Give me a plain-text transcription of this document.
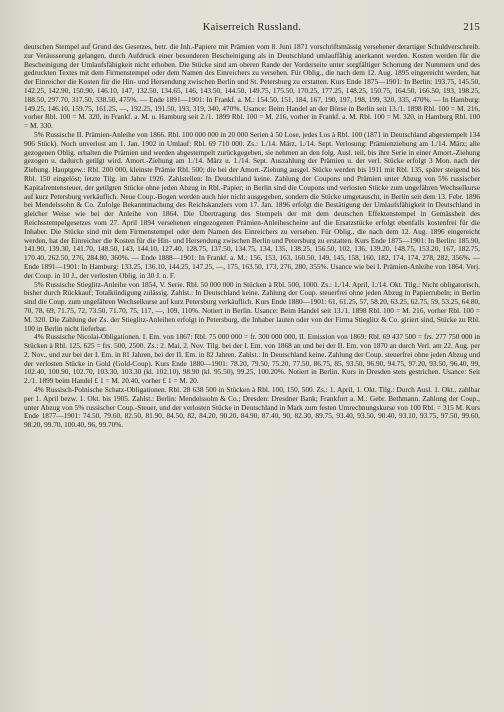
Kaiserreich Russland.	215

deutschen Stempel auf Grund des Gesetzes, betr. die Inh.-Papiere mit Prämien vom 8. Juni 1871 vorschriftsmässig versehener derartiger Schuldverschreib. zur Veräusserung gelangen, durch Aufdruck einer besonderen Bescheinigung als in Deutschland umlauffähig anerkannt werden. Kosten werden für die Bescheinigung der Umlaufsfähigkeit nicht erhoben. Die Stücke sind am oberen Rande der Vorderseite unter sorgfältiger Schonung der Nummern und des gedruckten Textes mit dem Firmenstempel oder dem Namen des Einreichers zu versehen. Für Oblig., die nach dem 12. Aug. 1895 eingereicht werden, hat der Einreicher die Kosten für die Hin- und Hersendung zwischen Berlin und St. Petersburg zu erstatten. Kurs Ende 1875—1901: In Berlin: 193.75, 145.50, 142.25, 142.90, 150.90, 146.10, 147, 132.50, 134.65, 146, 143.50, 144.50, 149.75, 175.50, 170.25, 177.25, 148.25, 150.75, 164.50, 166.50, 193, 198.25, 188.50, 297.70, 317.50, 338.50, 475%. — Ende 1891—1901: In Frankf. a. M.: 154.50, 151, 184, 167, 190, 197, 198, 199, 320, 335, 470%. — In Hamburg: 149.25, 146.10, 159.75, 161.25, —, 192.25, 191.50, 193, 319, 340, 470%. Usance: Beim Handel an der Börse in Berlin seit 13./1. 1898 Rbl. 100 = M. 216, vorher Rbl. 100 = M. 320, in Frankf. a. M. u. Hamburg seit 2./1. 1899 Rbl. 100 = M. 216, vorher in Frankf. a. M. Rbl. 100 = M. 320, in Hamburg Rbl. 100 = M. 330.

5% Russische II. Prämien-Anleihe von 1866. Rbl. 100 000 000 in 20 000 Serien à 50 Lose, jedes Los à Rbl. 100 (1871 in Deutschland abgestempelt 134 906 Stück). Noch unverlost am 1. Jan. 1902 in Umlauf: Rbl. 69 710 000. Zs.: 1./14. März, 1./14. Sept. Verlosung: Prämienziehung am 1./14. März; alle gezogenen Oblig. erhalten die Prämien und werden abgestempelt zurückgegeben, sie nehmen an den folg. Ausl. teil, bis ihre Serie in einer Amort.-Ziehung gezogen u. dadurch getilgt wird. Amort.-Ziehung am 1./14. März u. 1./14. Sept. Auszahlung der Prämien u. der verl. Stücke erfolgt 3 Mon. nach der Ziehung. Hauptgew.: Rbl. 200 000, kleinste Prämie Rbl. 500; die bei der Amort.-Ziehung ausgel. Stücke werden bis 1911 mit Rbl. 135, später steigend bis Rbl. 150 eingelöst; letzte Tilg. im Jahre 1926. Zahlstellen: In Deutschland keine. Zahlung der Coupons und Prämien unter Abzug von 5% russischer Kapitalrentensteuer, der getilgten Stücke ohne jeden Abzug in Rbl.-Papier; in Berlin sind die Coupons und verlosten Stücke zum ungefähren Wechselkurse auf kurz Petersburg verkäuflich. Neue Coup.-Bogen werden auch hier nicht ausgegeben, sondern die Stücke umgetauscht, in Berlin seit dem 13. Febr. 1896 bei Mendelssohn & Co. Zufolge Bekanntmachung des Reichskanzlers vom 17. Jan. 1896 erfolgt die Bestätigung der Umlaufsfähigkeit in Deutschland in gleicher Weise wie bei der Anleihe von 1864. Die Übertragung des Stempels der mit dem deutschen Effektenstempel in Gemässheit des Reichsstempelgesetzes vom 27. April 1894 versehenen eingezogenen Prämien-Anleihescheine auf die Ersatzstücke erfolgt ebenfalls kostenfrei für die Inhaber. Die Stücke sind mit dem Firmenstempel oder dem Namen des Einreichers zu versehen. Für Oblig., die nach dem 12. Aug. 1896 eingereicht werden, hat der Einreicher die Kosten für die Hin- und Hersendung zwischen Berlin und Petersburg zu erstatten. Kurs Ende 1875—1901: In Berlin: 185.90, 141.90, 139.30, 141.70, 148.50, 143, 144.10, 127.40, 128.75, 137.50, 134.75, 134, 135, 138.25, 156.50, 102, 136, 139.20, 148.75, 153.20, 167, 182.75, 170.40, 262.50, 276, 284.80, 360%. — Ende 1888—1901: In Frankf. a. M.: 156, 153, 163, 160.50, 149, 145, 158, 160, 182, 174, 174, 278, 282, 356%. — Ende 1891—1901: In Hamburg: 133.25, 136.10, 144.25, 147.25, —, 175, 163.50, 173, 276, 280, 355%. Usance wie bei I. Prämien-Anleihe von 1864. Verj. der Coup. in 10 J., der verlosten Oblig. in 30 J. n. F.

5% Russische Stieglitz-Anleihe von 1854, V. Serie. Rbl. 50 000 000 in Stücken à Rbl. 500, 1000. Zs.: 1./14. April, 1./14. Okt. Tilg.: Nicht obligatorisch, bisher durch Rückkauf; Totalkündigung zulässig. Zahlst.: In Deutschland keine. Zahlung der Coup. steuerfrei ohne jeden Abzug in Papierrubeln; in Berlin sind die Coup. zum ungefähren Wechselkurse auf kurz Petersburg verkäuflich. Kurs Ende 1880—1901: 61, 61.25, 57, 58.20, 63.25, 62.75, 59, 53.25, 64.80, 70, 78, 69, 71.75, 72, 73.50, 71.70, 75, 117, —, 109, 110%. Notiert in Berlin. Usance: Beim Handel seit 13./1. 1898 Rbl. 100 = M. 216, vorher Rbl. 100 = M. 320. Die Zahlung der Zs. der Stieglitz-Anleihen erfolgt in Petersburg, die Inhaber lauten oder von der Firma Stieglitz & Co. giriert sind, Stücke zu Rbl. 100 in Berlin nicht lieferbar.

4% Russische Nicolai-Obligationen. I. Em. von 1867: Rbl. 75 000 000 = fr. 300 000 000, II. Emission von 1869: Rbl. 69 437 500 = frs. 277 750 000 in Stücken à Rbl. 125, 625 = frs. 500, 2500. Zs.: 2. Mai, 2. Nov. Tilg. bei der I. Em. von 1868 an und bei der II. Em. von 1870 an durch Verl. am 22. Aug. per 2. Nov., und zur bei der I. Em. in 81 Jahren, bei der II. Em. in 82 Jahren. Zahlst.: In Deutschland keine. Zahlung der Coup. steuerfrei ohne jeden Abzug und der verlosten Stücke in Gold (Gold-Coup). Kurs Ende 1880—1901: 78.20, 79.50, 75.20, 77.50, 86.75, 85, 93.50, 96.90, 94.75, 97.20, 93.50, 96.40, 99, 102.40, 100.90, 102.70, 103.30, 103.30 (kl. 102.10), 98.90 (kl. 95.50), 99.25, 100.20%. Notiert in Berlin. Kurs in Dresden stets gestrichen. Usance: Seit 2./1. 1899 beim Handel £ 1 = M. 20.40, vorher £ 1 = M. 20.

4% Russisch-Polnische Schatz-Obligationen. Rbl. 28 638 500 in Stücken à Rbl. 100, 150, 500. Zs.: 1. April, 1. Okt. Tilg.: Durch Ausl. 1. Okt., zahlbar per 1. April bezw. 1. Okt. bis 1905. Zahlst.: Berlin: Mendelssohn & Co.; Dresden: Dresdner Bank; Frankfurt a. M.: Gebr. Bethmann. Zahlung der Coup., unter Abzug von 5% russischer Coup.-Steuer, und der verlosten Stücke in Deutschland in Mark zum festen Umrechnungskurse von 100 Rbl. = 315 M. Kurs Ende 1877—1901: 74.50, 79.60, 82.50, 81.90, 84.50, 82, 84.20, 90.20, 84.90, 87.40, 90, 82.30, 89.75, 93.40, 93.50, 90.40, 93.10, 93.75, 97.50, 99.60, 98.20, 99.70, 100.40, 96, 99.70%.
